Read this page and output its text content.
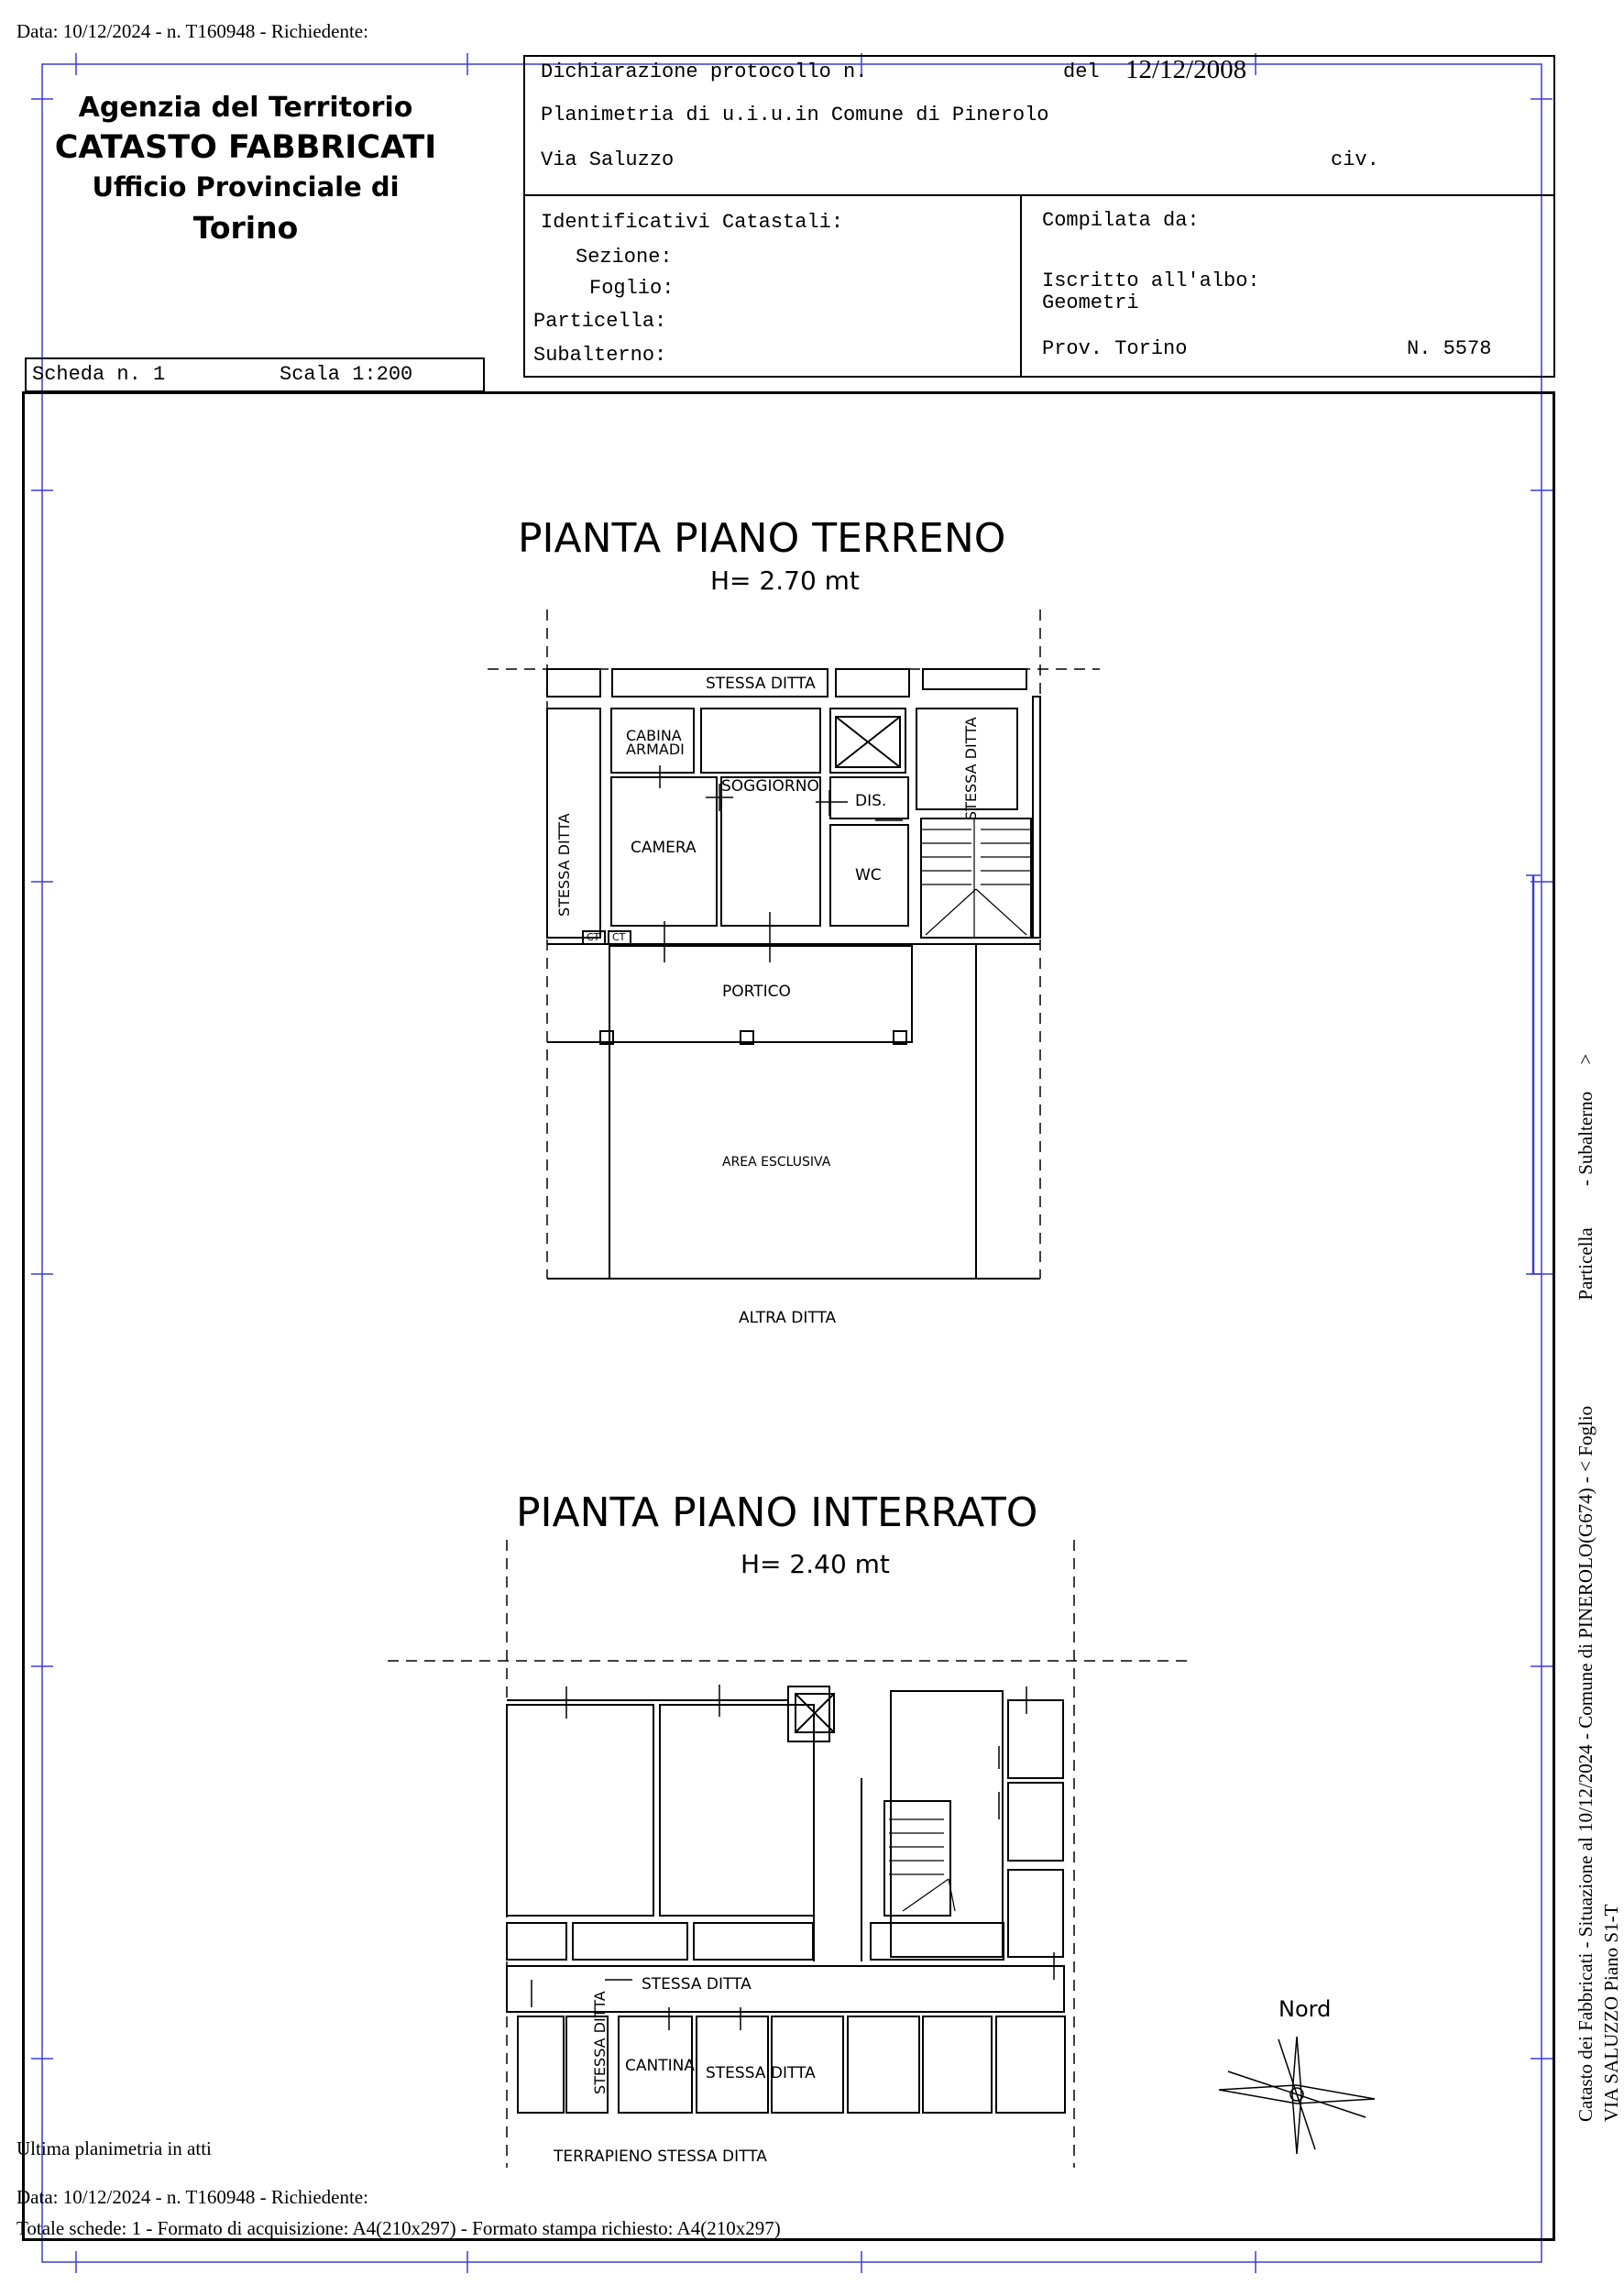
Data: 10/12/2024 - n. T160948 - Richiedente:
Agenzia del Territorio
CATASTO FABBRICATI
Ufficio Provinciale di
Torino
Dichiarazione protocollo n.	del 12/12/2008
Planimetria di u.i.u.in Comune di Pinerolo
Via Saluzzo	civ.
Identificativi Catastali:
Sezione:
Foglio:
Particella:
Subalterno:
Compilata da:
Iscritto all'albo:
Geometri
Prov. Torino	N. 5578
Scheda n. 1	Scala 1:200
PIANTA PIANO TERRENO
H= 2.70 mt
STESSA DITTA
CABINA
ARMADI
SOGGIORNO
DIS.
CAMERA
WC
STESSA DITTA
STESSA DITTA
CT CT
PORTICO
AREA ESCLUSIVA
ALTRA DITTA
PIANTA PIANO INTERRATO
H= 2.40 mt
STESSA DITTA
STESSA DITTA CANTINA STESSA DITTA
TERRAPIENO STESSA DITTA
Nord	Catasto dei Fabbricati - Situazione al 10/12/2024 - Comune di PINEROLO(G674) - < Foglio Particella - Subalterno >
VIA SALUZZO Piano S1-T
Ultima planimetria in atti
Data: 10/12/2024 - n. T160948 - Richiedente:
Totale schede: 1 - Formato di acquisizione: A4(210x297) - Formato stampa richiesto: A4(210x297)
